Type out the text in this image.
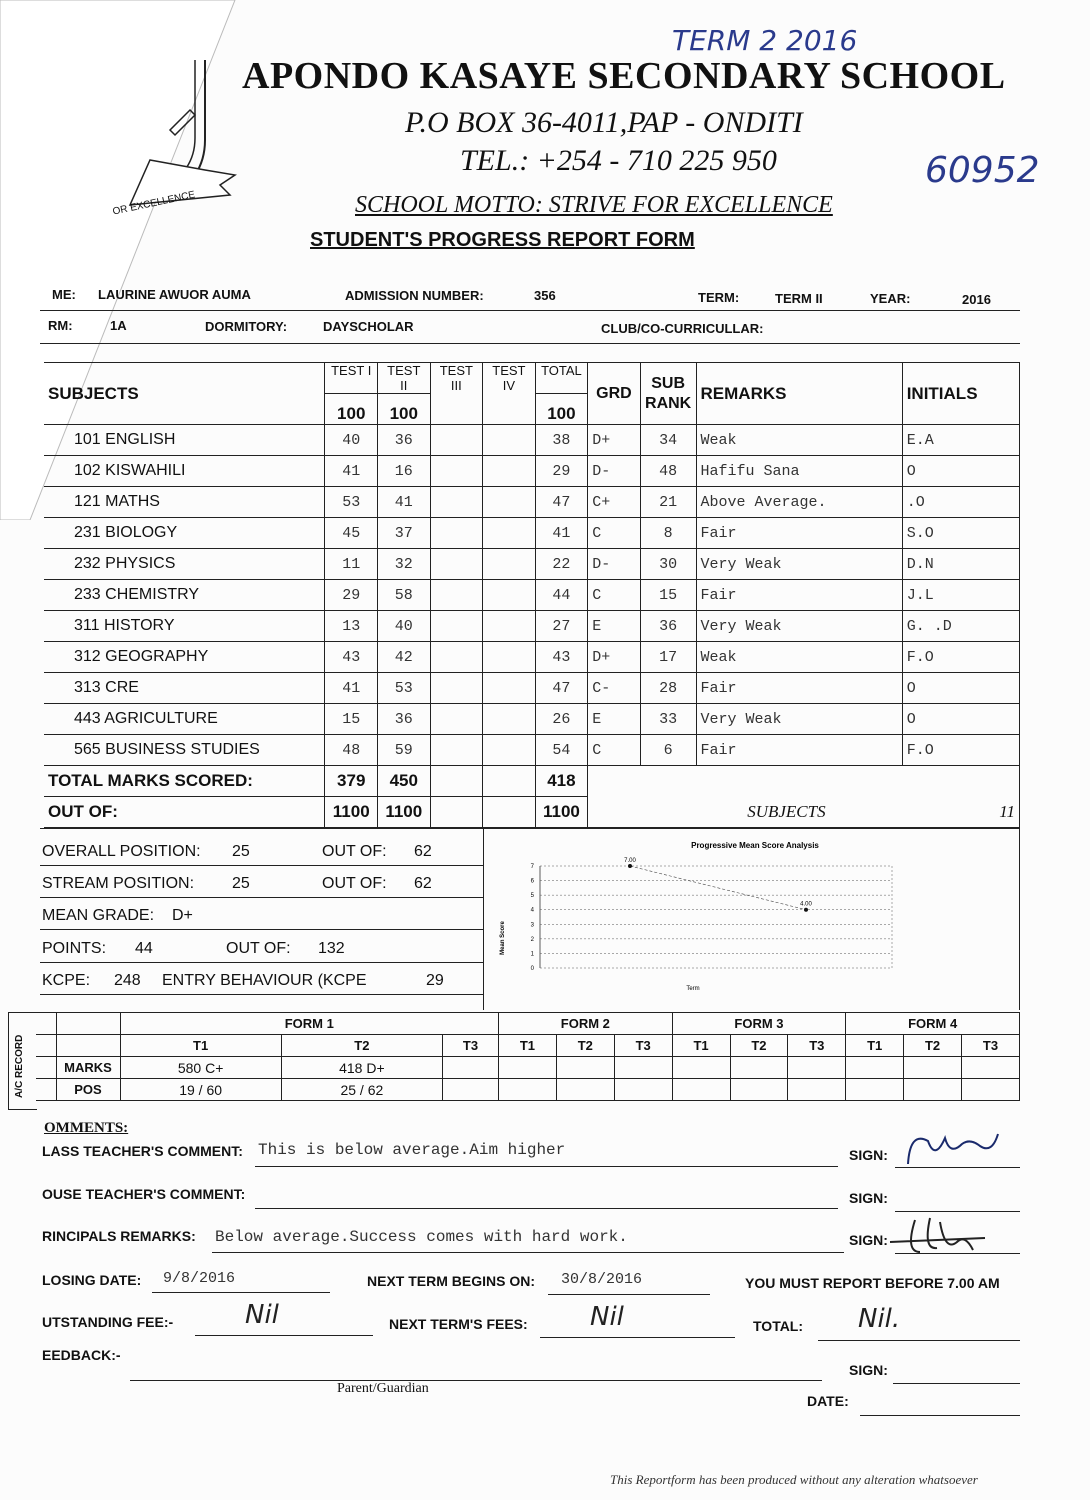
OR EXCELLENCE
TERM 2 2016
60952
APONDO KASAYE SECONDARY SCHOOL
P.O BOX 36-4011,PAP - ONDITI
TEL.: +254 - 710 225 950
SCHOOL MOTTO: STRIVE FOR EXCELLENCE
STUDENT'S PROGRESS REPORT FORM
ME: LAURINE AWUOR AUMA	ADMISSION NUMBER:	356	TERM:	TERM II	YEAR:	2016
RM:	1A	DORMITORY:	DAYSCHOLAR	CLUB/CO-CURRICULLAR:
SUBJECTS	TEST I	TEST II	TEST III	TEST IV	TOTAL	GRD	SUB
RANK	REMARKS	INITIALS
	100	100			100				
101 ENGLISH	40	36			38	D+	34	Weak	E.A
102 KISWAHILI	41	16			29	D-	48	Hafifu Sana	O
121 MATHS	53	41			47	C+	21	Above Average.	.O
231 BIOLOGY	45	37			41	C	8	Fair	S.O
232 PHYSICS	11	32			22	D-	30	Very Weak	D.N
233 CHEMISTRY	29	58			44	C	15	Fair	J.L
311 HISTORY	13	40			27	E	36	Very Weak	G. .D
312 GEOGRAPHY	43	42			43	D+	17	Weak	F.O
313 CRE	41	53			47	C-	28	Fair	O
443 AGRICULTURE	15	36			26	E	33	Very Weak	O
565 BUSINESS STUDIES	48	59			54	C	6	Fair	F.O
TOTAL MARKS SCORED:	379	450			418				
OUT OF:	1100	1100			1100	SUBJECTS 11			
OVERALL POSITION: 25	OUT OF: 62
STREAM POSITION: 25	OUT OF: 62
MEAN GRADE: D+
POINTS: 44	OUT OF: 132
KCPE: 248 ENTRY BEHAVIOUR (KCPE	29
Progressive Mean Score Analysis
Mean Score
Term
0
1
2
3
4
5
6
7
7.00
4.00
A/C RECORD
		FORM 1			FORM 2			FORM 3			FORM 4		
		T1	T2	T3	T1	T2	T3	T1	T2	T3	T1	T2	T3
	MARKS	580 C+	418 D+										
	POS	19 / 60	25 / 62										
OMMENTS:
LASS TEACHER'S COMMENT: This is below average.Aim higher	SIGN:
OUSE TEACHER'S COMMENT:	SIGN:
RINCIPALS REMARKS: Below average.Success comes with hard work.	SIGN:
LOSING DATE: 9/8/2016	NEXT TERM BEGINS ON: 30/8/2016	YOU MUST REPORT BEFORE 7.00 AM
UTSTANDING FEE:-	Nil	NEXT TERM'S FEES: Nil	TOTAL: Nil.
EEDBACK:-
SIGN:
Parent/Guardian
DATE:
This Reportform has been produced without any alteration whatsoever
